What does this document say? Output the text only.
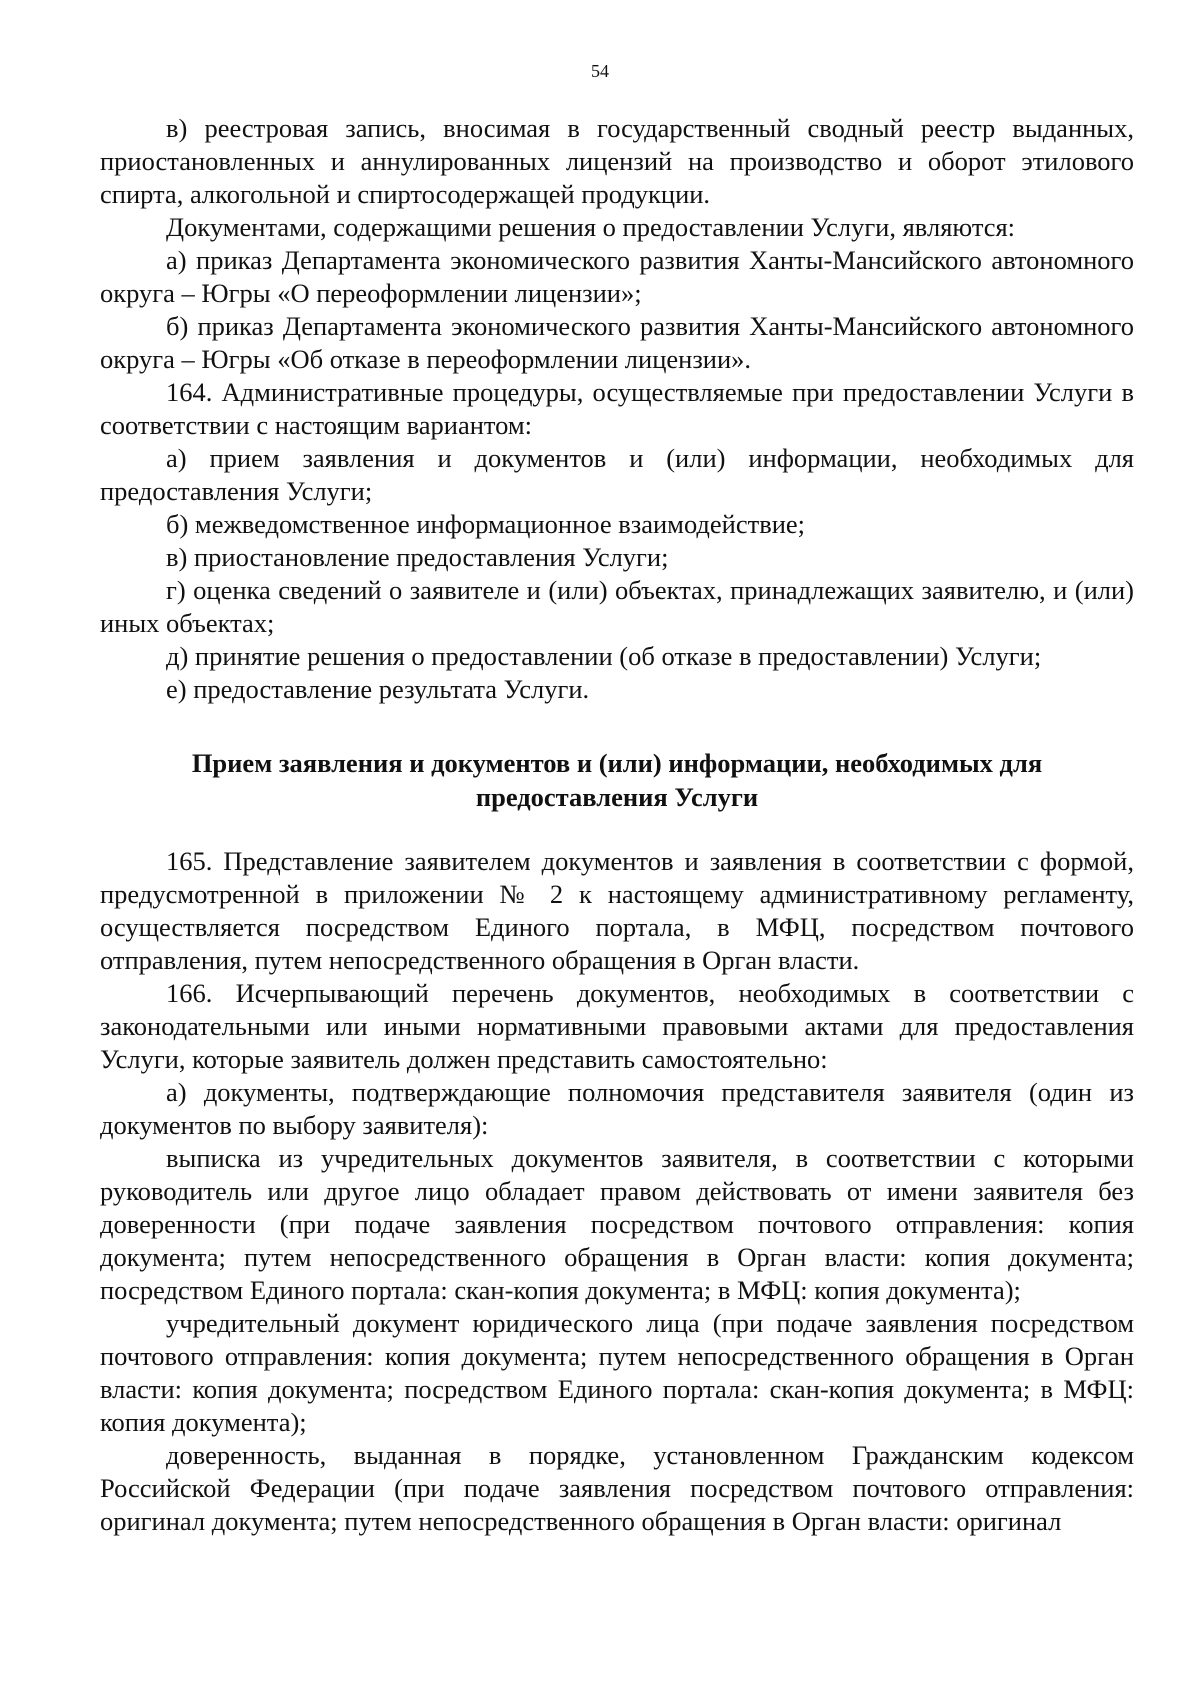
54

в) реестровая запись, вносимая в государственный сводный реестр выданных, приостановленных и аннулированных лицензий на производство и оборот этилового спирта, алкогольной и спиртосодержащей продукции.

Документами, содержащими решения о предоставлении Услуги, являются:

а) приказ Департамента экономического развития Ханты-Мансийского автономного округа – Югры «О переоформлении лицензии»;

б) приказ Департамента экономического развития Ханты-Мансийского автономного округа – Югры «Об отказе в переоформлении лицензии».

164. Административные процедуры, осуществляемые при предоставлении Услуги в соответствии с настоящим вариантом:

а) прием заявления и документов и (или) информации, необходимых для предоставления Услуги;

б) межведомственное информационное взаимодействие;

в) приостановление предоставления Услуги;

г) оценка сведений о заявителе и (или) объектах, принадлежащих заявителю, и (или) иных объектах;

д) принятие решения о предоставлении (об отказе в предоставлении) Услуги;

е) предоставление результата Услуги.

Прием заявления и документов и (или) информации, необходимых для предоставления Услуги

165. Представление заявителем документов и заявления в соответствии с формой, предусмотренной в приложении № 2 к настоящему административному регламенту, осуществляется посредством Единого портала, в МФЦ, посредством почтового отправления, путем непосредственного обращения в Орган власти.

166. Исчерпывающий перечень документов, необходимых в соответствии с законодательными или иными нормативными правовыми актами для предоставления Услуги, которые заявитель должен представить самостоятельно:

а) документы, подтверждающие полномочия представителя заявителя (один из документов по выбору заявителя):

выписка из учредительных документов заявителя, в соответствии с которыми руководитель или другое лицо обладает правом действовать от имени заявителя без доверенности (при подаче заявления посредством почтового отправления: копия документа; путем непосредственного обращения в Орган власти: копия документа; посредством Единого портала: скан-копия документа; в МФЦ: копия документа);

учредительный документ юридического лица (при подаче заявления посредством почтового отправления: копия документа; путем непосредственного обращения в Орган власти: копия документа; посредством Единого портала: скан-копия документа; в МФЦ: копия документа);

доверенность, выданная в порядке, установленном Гражданским кодексом Российской Федерации (при подаче заявления посредством почтового отправления: оригинал документа; путем непосредственного обращения в Орган власти: оригинал
